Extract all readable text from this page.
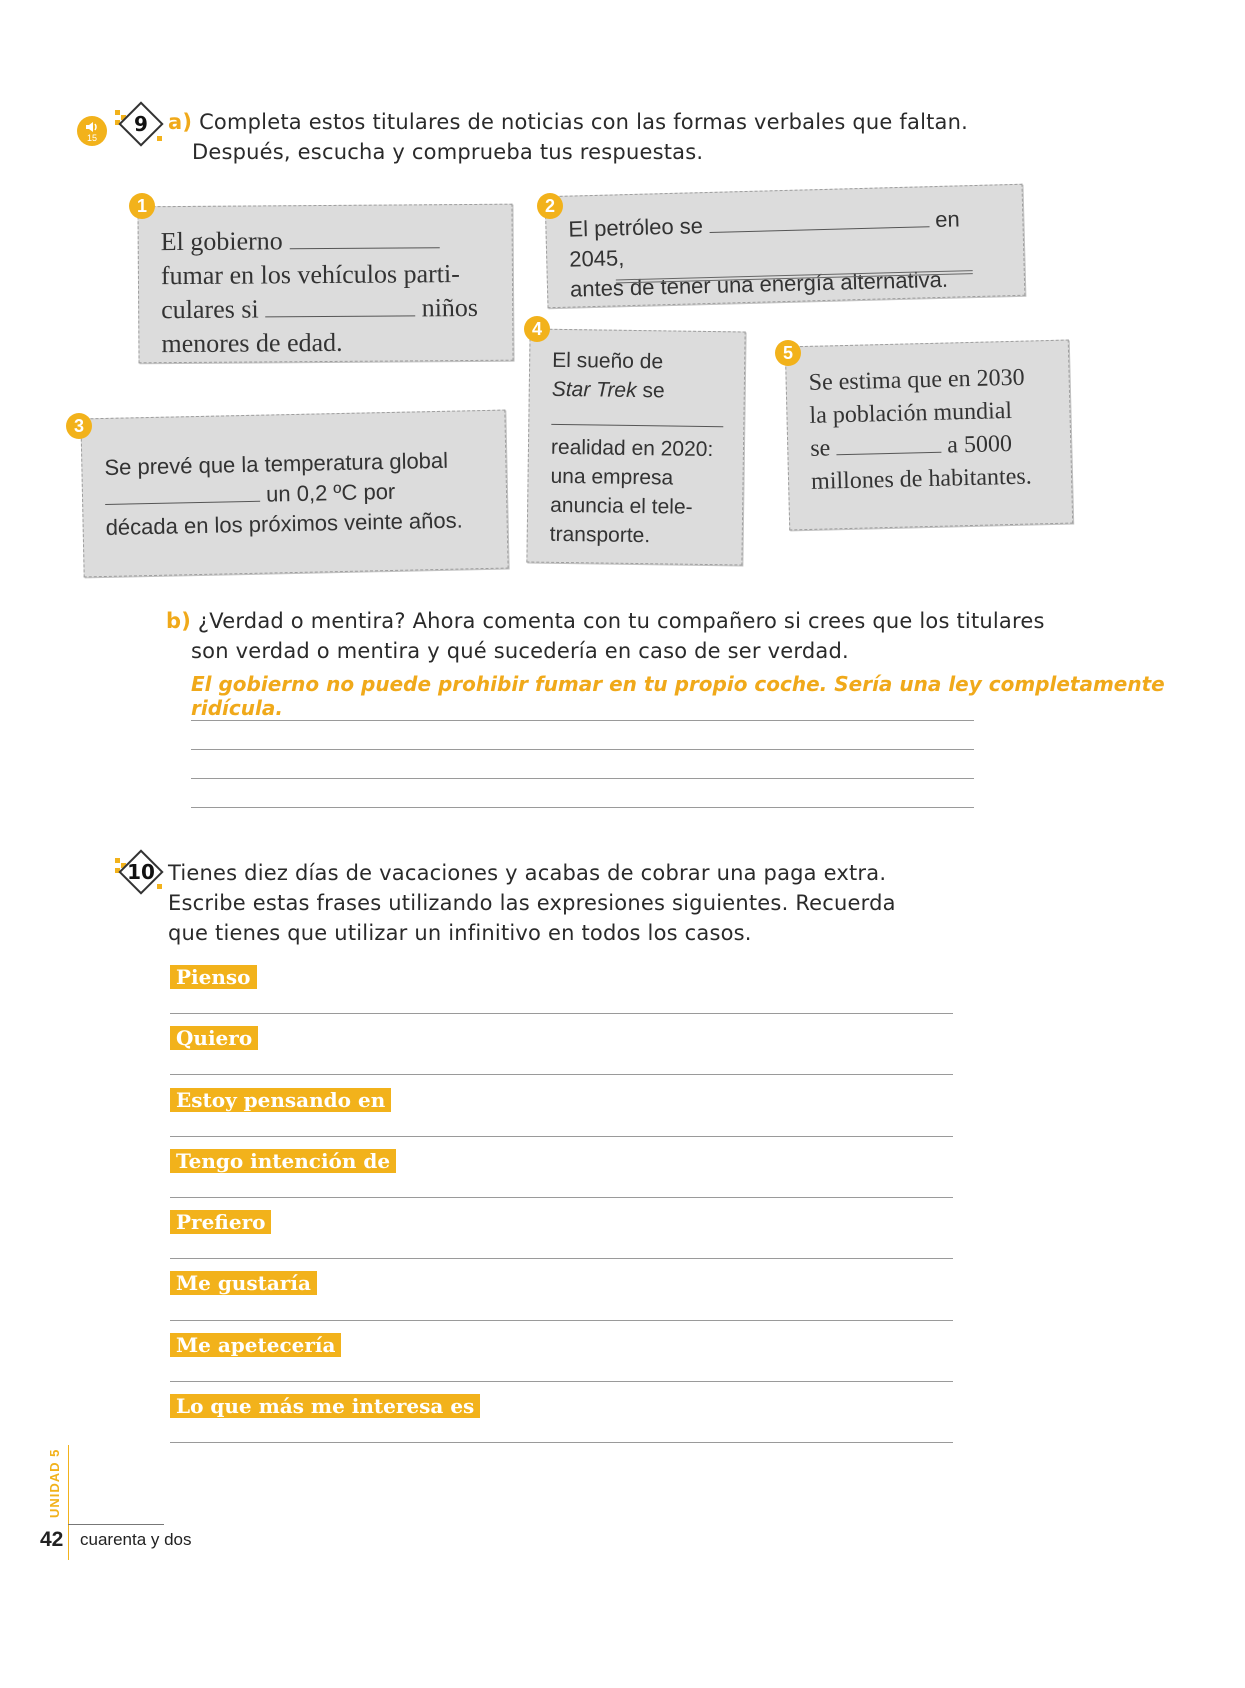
15
9 a) Completa estos titulares de noticias con las formas verbales que faltan.
Después, escucha y comprueba tus respuestas.
El gobierno
fumar en los vehículos parti-
culares si	niños
menores de edad.
1
El petróleo se	en 2045,
antes de tener una energía alternativa.
2
Se prevé que la temperatura global
un 0,2 ºC por
década en los próximos veinte años.
3
El sueño de
Star Trek se

realidad en 2020:
una empresa
anuncia el tele-
transporte.
4
Se estima que en 2030
la población mundial
se	a 5000
millones de habitantes.
5
b) ¿Verdad o mentira? Ahora comenta con tu compañero si crees que los titulares
son verdad o mentira y qué sucedería en caso de ser verdad.
El gobierno no puede prohibir fumar en tu propio coche. Sería una ley completamente ridícula.
10 Tienes diez días de vacaciones y acabas de cobrar una paga extra.
Escribe estas frases utilizando las expresiones siguientes. Recuerda
que tienes que utilizar un infinitivo en todos los casos.
Pienso
Quiero
Estoy pensando en
Tengo intención de
Prefiero
Me gustaría
Me apetecería
Lo que más me interesa es
UNIDAD 5
42 cuarenta y dos
